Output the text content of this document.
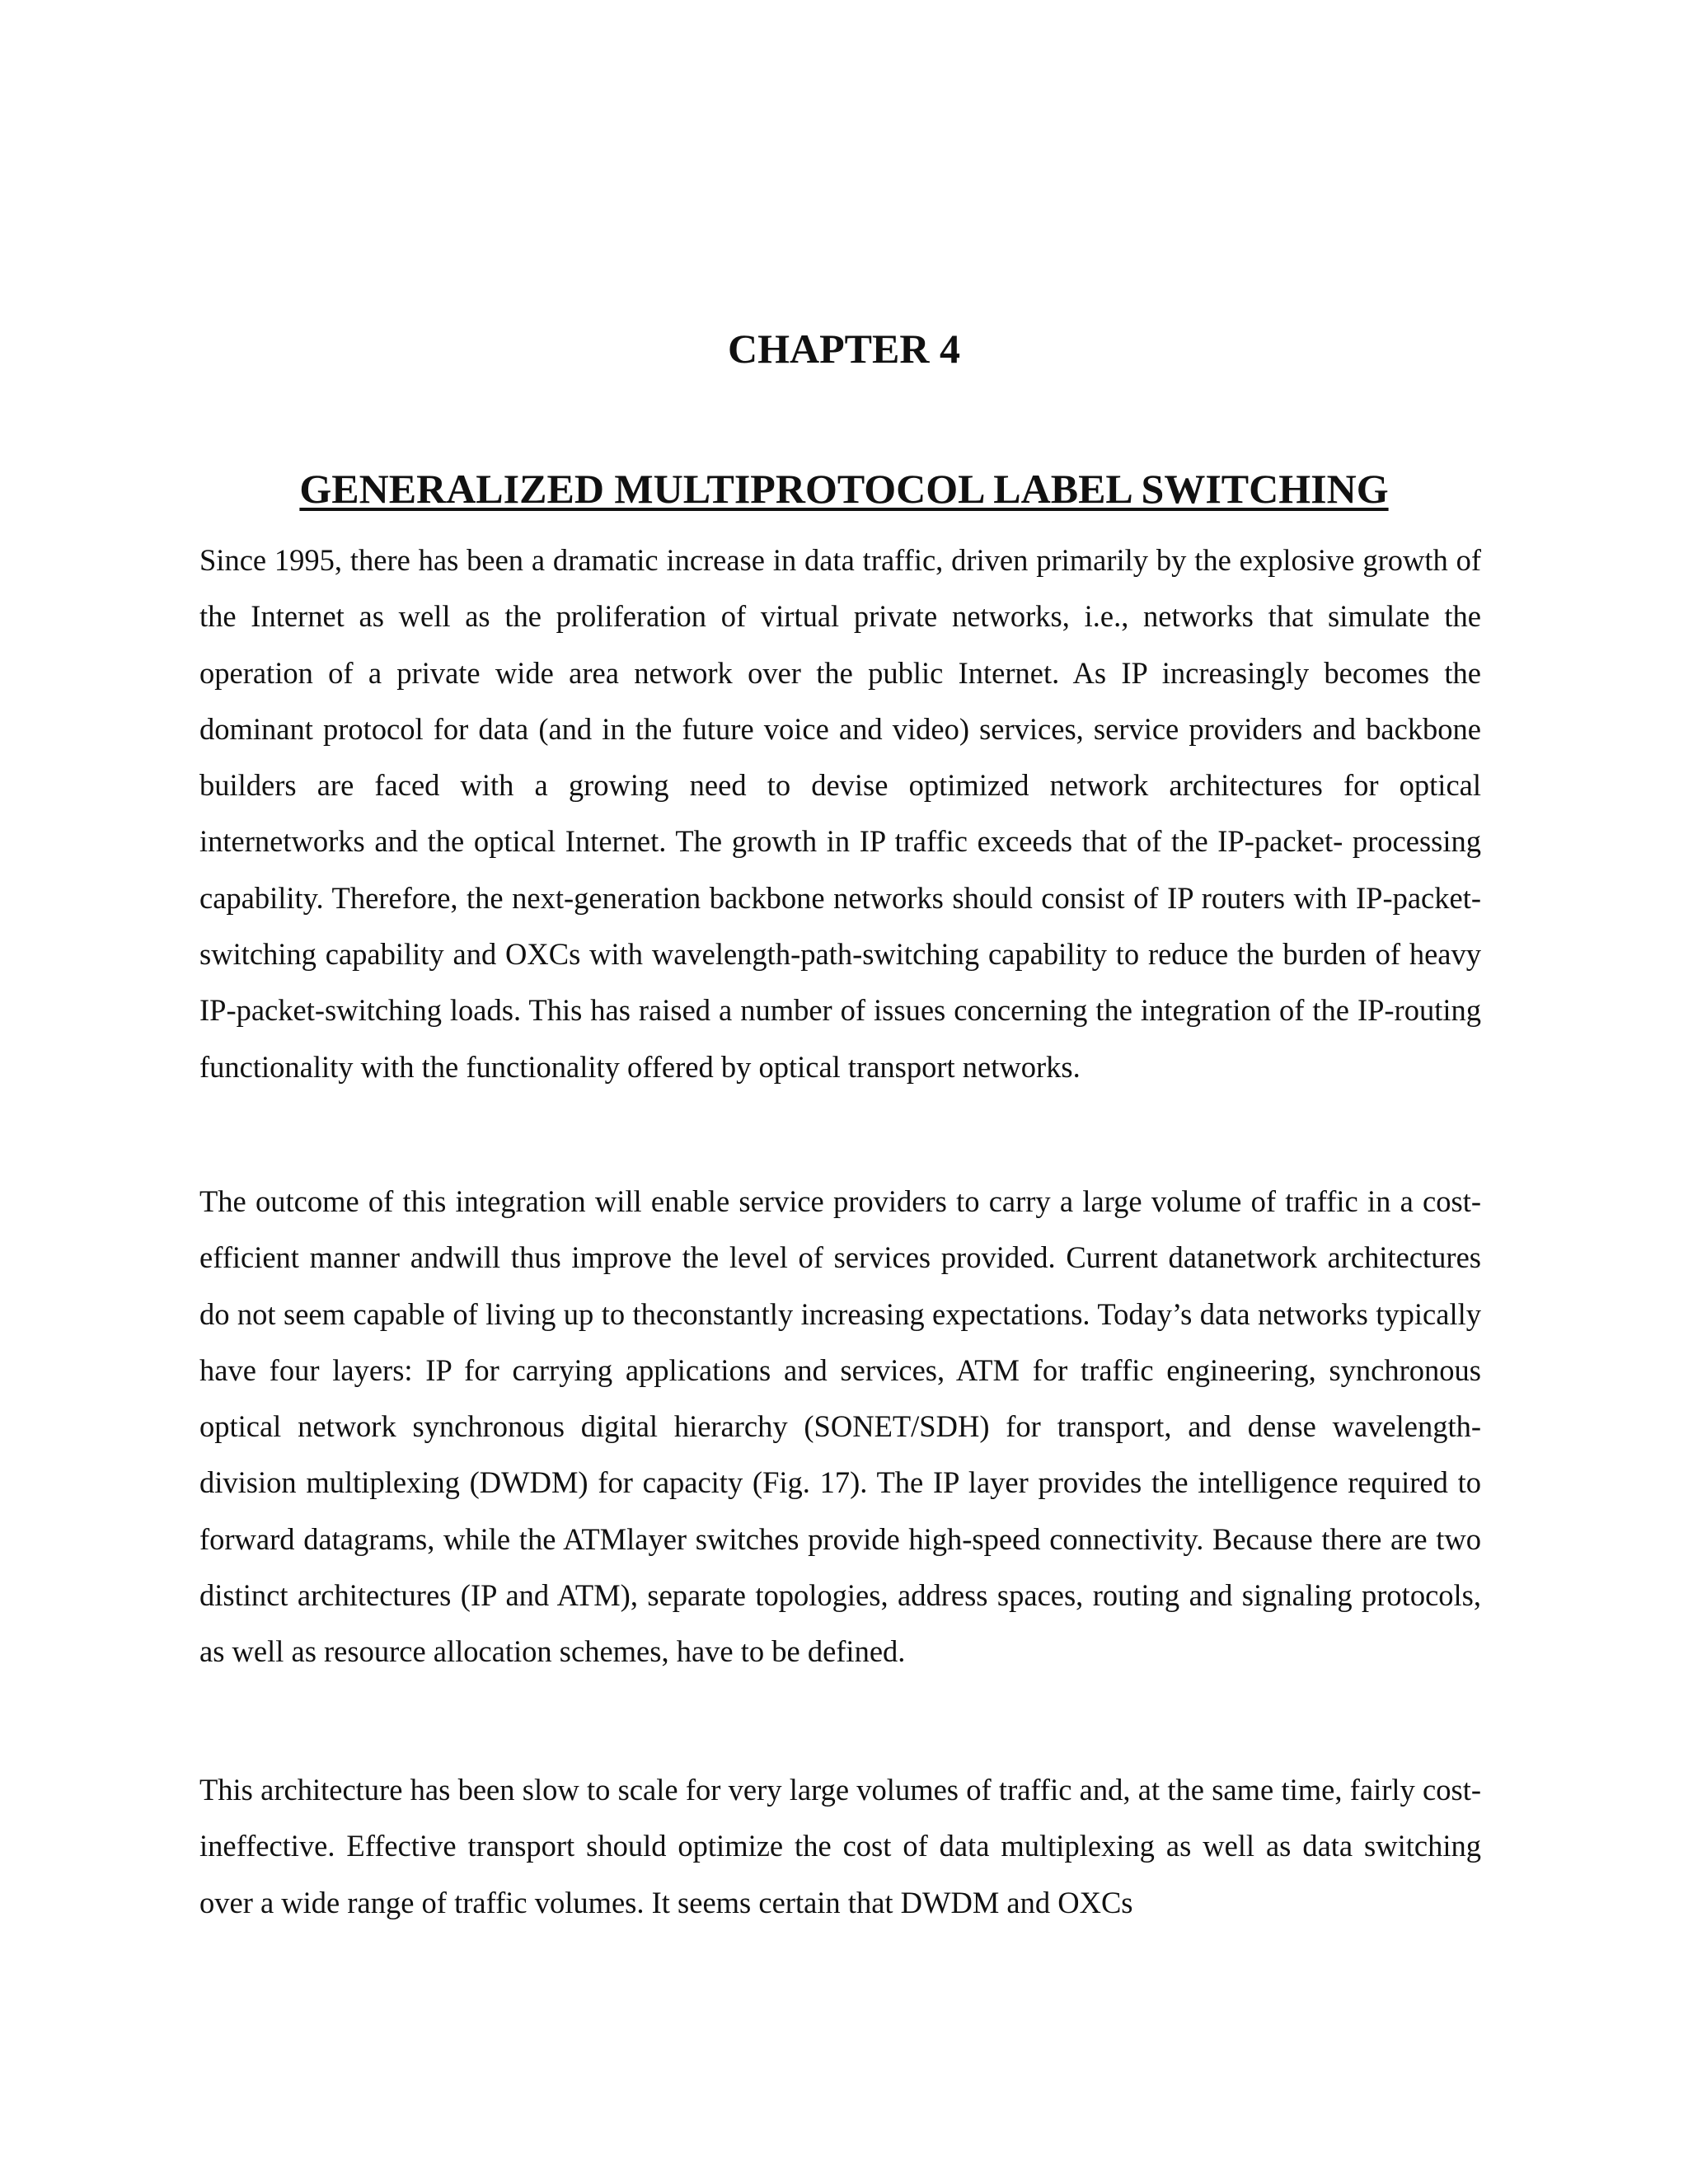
CHAPTER 4
GENERALIZED MULTIPROTOCOL LABEL SWITCHING

Since 1995, there has been a dramatic increase in data traffic, driven primarily by the explosive growth of the Internet as well as the proliferation of virtual private networks, i.e., networks that simulate the operation of a private wide area network over the public Internet. As IP increasingly becomes the dominant protocol for data (and in the future voice and video) services, service providers and backbone builders are faced with a growing need to devise optimized network architectures for optical internetworks and the optical Internet. The growth in IP traffic exceeds that of the IP-packet- processing capability. Therefore, the next-generation backbone networks should consist of IP routers with IP-packet-switching capability and OXCs with wavelength-path-switching capability to reduce the burden of heavy IP-packet-switching loads. This has raised a number of issues concerning the integration of the IP-routing functionality with the functionality offered by optical transport networks.

The outcome of this integration will enable service providers to carry a large volume of traffic in a cost-efficient manner andwill thus improve the level of services provided. Current datanetwork architectures do not seem capable of living up to theconstantly increasing expectations. Today’s data networks typically have four layers: IP for carrying applications and services, ATM for traffic engineering, synchronous optical network synchronous digital hierarchy (SONET/SDH) for transport, and dense wavelength-division multiplexing (DWDM) for capacity (Fig. 17). The IP layer provides the intelligence required to forward datagrams, while the ATMlayer switches provide high-speed connectivity. Because there are two distinct architectures (IP and ATM), separate topologies, address spaces, routing and signaling protocols, as well as resource allocation schemes, have to be defined.

This architecture has been slow to scale for very large volumes of traffic and, at the same time, fairly cost-ineffective. Effective transport should optimize the cost of data multiplexing as well as data switching over a wide range of traffic volumes. It seems certain that DWDM and OXCs
